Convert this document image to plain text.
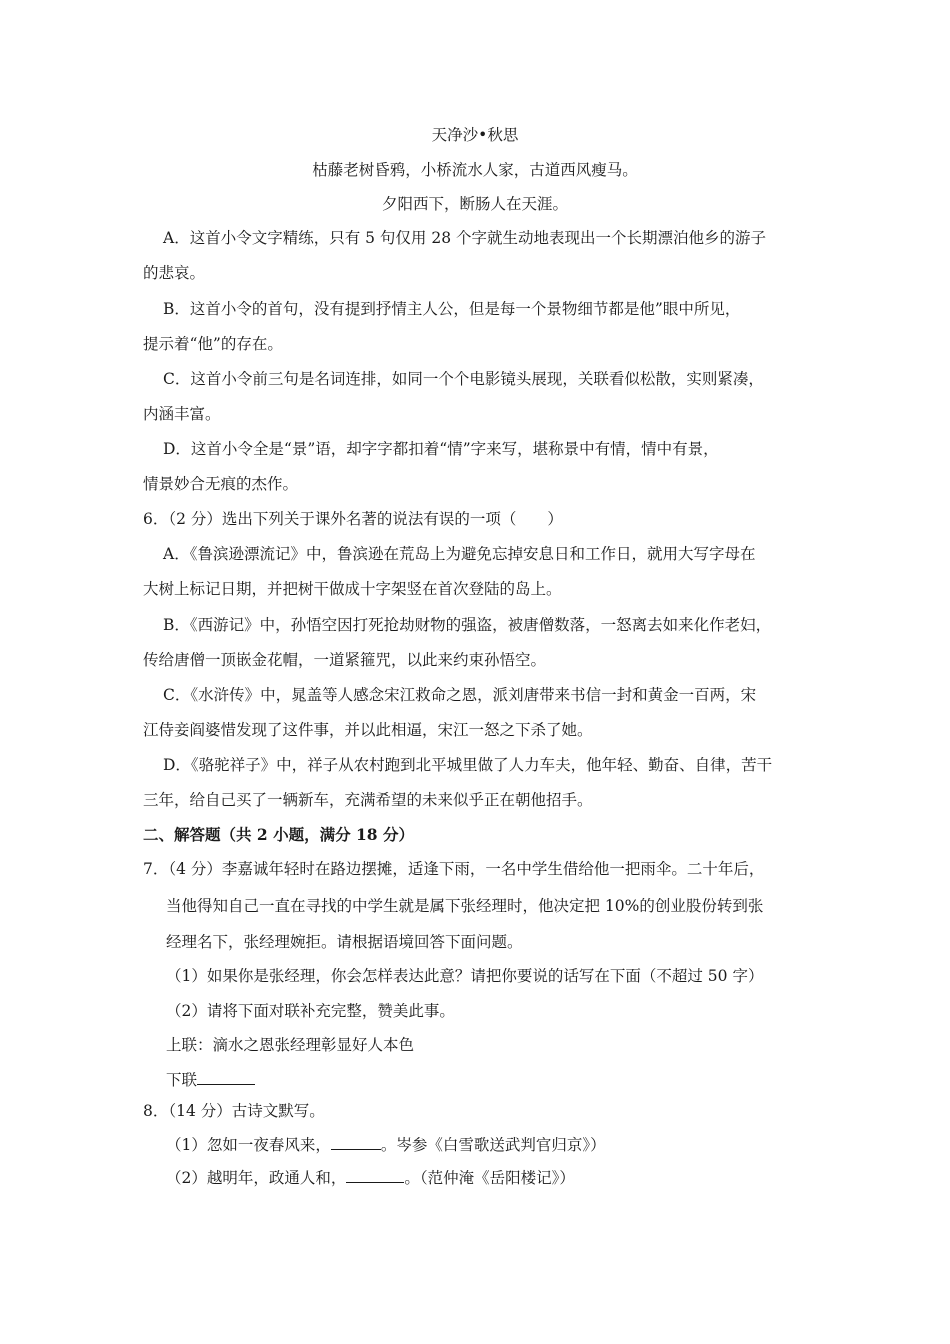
天净沙•秋思
枯藤老树昏鸦，小桥流水人家，古道西风瘦马。
夕阳西下，断肠人在天涯。
A．这首小令文字精练，只有 5 句仅用 28 个字就生动地表现出一个长期漂泊他乡的游子
的悲哀。
B．这首小令的首句，没有提到抒情主人公，但是每一个景物细节都是他”眼中所见，
提示着“他”的存在。
C．这首小令前三句是名词连排，如同一个个电影镜头展现，关联看似松散，实则紧凑，
内涵丰富。
D．这首小令全是“景”语，却字字都扣着“情”字来写，堪称景中有情，情中有景，
情景妙合无痕的杰作。
6．（2 分）选出下列关于课外名著的说法有误的一项（　　）
A．《鲁滨逊漂流记》中，鲁滨逊在荒岛上为避免忘掉安息日和工作日，就用大写字母在
大树上标记日期，并把树干做成十字架竖在首次登陆的岛上。
B．《西游记》中，孙悟空因打死抢劫财物的强盗，被唐僧数落，一怒离去如来化作老妇，
传给唐僧一顶嵌金花帽，一道紧箍咒，以此来约束孙悟空。
C．《水浒传》中，晁盖等人感念宋江救命之恩，派刘唐带来书信一封和黄金一百两，宋
江侍妾阎婆惜发现了这件事，并以此相逼，宋江一怒之下杀了她。
D．《骆驼祥子》中，祥子从农村跑到北平城里做了人力车夫，他年轻、勤奋、自律，苦干
三年，给自己买了一辆新车，充满希望的未来似乎正在朝他招手。
二、解答题（共 2 小题，满分 18 分）
7．（4 分）李嘉诚年轻时在路边摆摊，适逢下雨，一名中学生借给他一把雨伞。二十年后，
当他得知自己一直在寻找的中学生就是属下张经理时，他决定把 10%的创业股份转到张
经理名下，张经理婉拒。请根据语境回答下面问题。
（1）如果你是张经理，你会怎样表达此意？请把你要说的话写在下面（不超过 50 字）
（2）请将下面对联补充完整，赞美此事。
上联：滴水之恩张经理彰显好人本色
下联
8．（14 分）古诗文默写。
（1）忽如一夜春风来，	。岑参《白雪歌送武判官归京》）
（2）越明年，政通人和，	。（范仲淹《岳阳楼记》）
